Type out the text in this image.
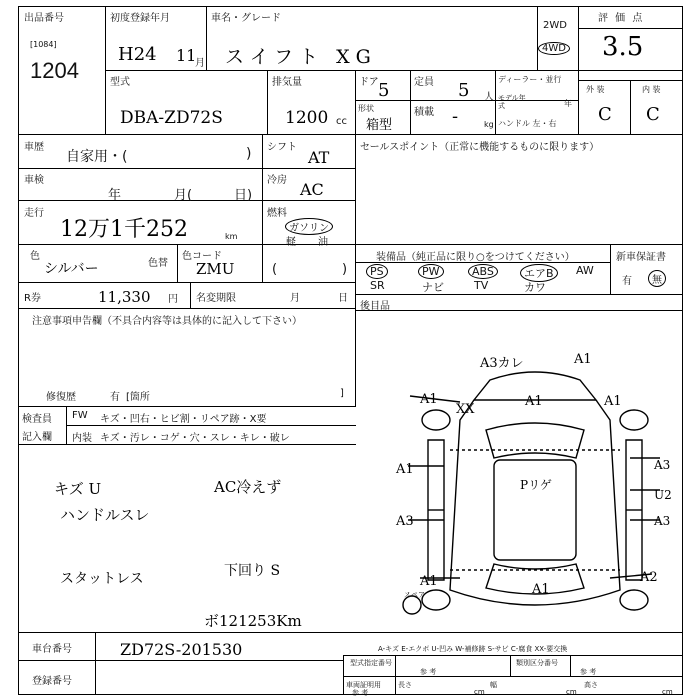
出品番号
[1084]
1204
初度登録年月
H24 11
月
車名・グレード
スイフト XG
2WD
4WD
評 価 点
3.5
外 装	内 装
C C
型式
DBA-ZD72S
排気量
1200 cc
ドア 5 定員 5 人
ディーラー・並行
モデル年式	年
形状
箱型
積載 -	kg ハンドル 左・右
車歴
自家用・(	) シフト
AT
セールスポイント（正常に機能するものに限ります）
車検
年	月(	日)
冷房 AC
走行
12万1千252	km
燃料
ガソリン
軽 油
(	)
色
シルバー	色替
色コード
ZMU
R券	11,330 円 名変期限	月	日
注意事項申告欄（不具合内容等は具体的に記入して下さい）
修復歴	有 [箇所	]
検査員
記入欄
FW キズ・凹右・ヒビ割・リペア跡・X要
内装 キズ・汚レ・コゲ・穴・スレ・キレ・破レ
キズ U
ハンドルスレ
スタットレス
AC冷えず
下回り S
ボ121253Km
装備品（純正品に限り○をつけてください）	新車保証書
PS	PW	ABS	エアB	AW
SR	ナビ	TV	カワ	有	無
後目品
A3カレ	A1
A1
XX
A1	A1
A1	A3
U2
Pリゲ
A3	A3
A1	A2
A1
スペア
A-キズ E-エクボ U-凹み W-補修跡 S-サビ C-腐食 XX-要交換
車台番号	ZD72S-201530
登録番号
型式指定番号
参 考
類別区分番号
参 考
車両証明用
参 考
長さ
cm
幅
cm
高さ
cm
